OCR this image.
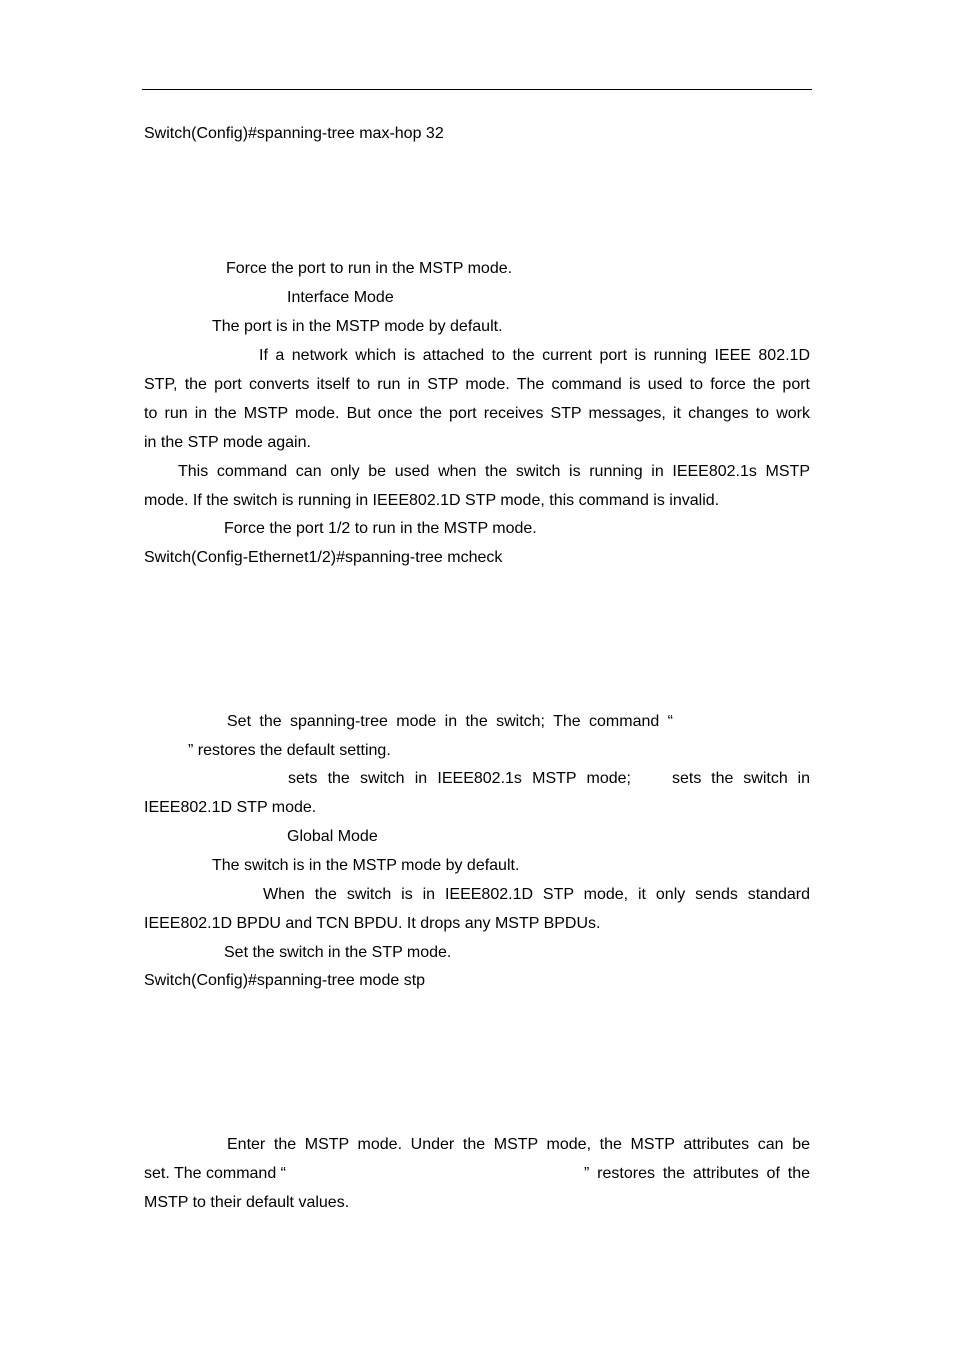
Switch(Config)#spanning-tree max-hop 32
Force the port to run in the MSTP mode.
Interface Mode
The port is in the MSTP mode by default.
If a network which is attached to the current port is running IEEE 802.1D
STP, the port converts itself to run in STP mode. The command is used to force the port
to run in the MSTP mode. But once the port receives STP messages, it changes to work
in the STP mode again.
This command can only be used when the switch is running in IEEE802.1s MSTP
mode. If the switch is running in IEEE802.1D STP mode, this command is invalid.
Force the port 1/2 to run in the MSTP mode.
Switch(Config-Ethernet1/2)#spanning-tree mcheck
Set the spanning-tree mode in the switch; The command “
” restores the default setting.
sets the switch in IEEE802.1s MSTP mode;	sets the switch in
IEEE802.1D STP mode.
Global Mode
The switch is in the MSTP mode by default.
When the switch is in IEEE802.1D STP mode, it only sends standard
IEEE802.1D BPDU and TCN BPDU. It drops any MSTP BPDUs.
Set the switch in the STP mode.
Switch(Config)#spanning-tree mode stp
Enter the MSTP mode. Under the MSTP mode, the MSTP attributes can be
set. The command “	” restores the attributes of the
MSTP to their default values.
